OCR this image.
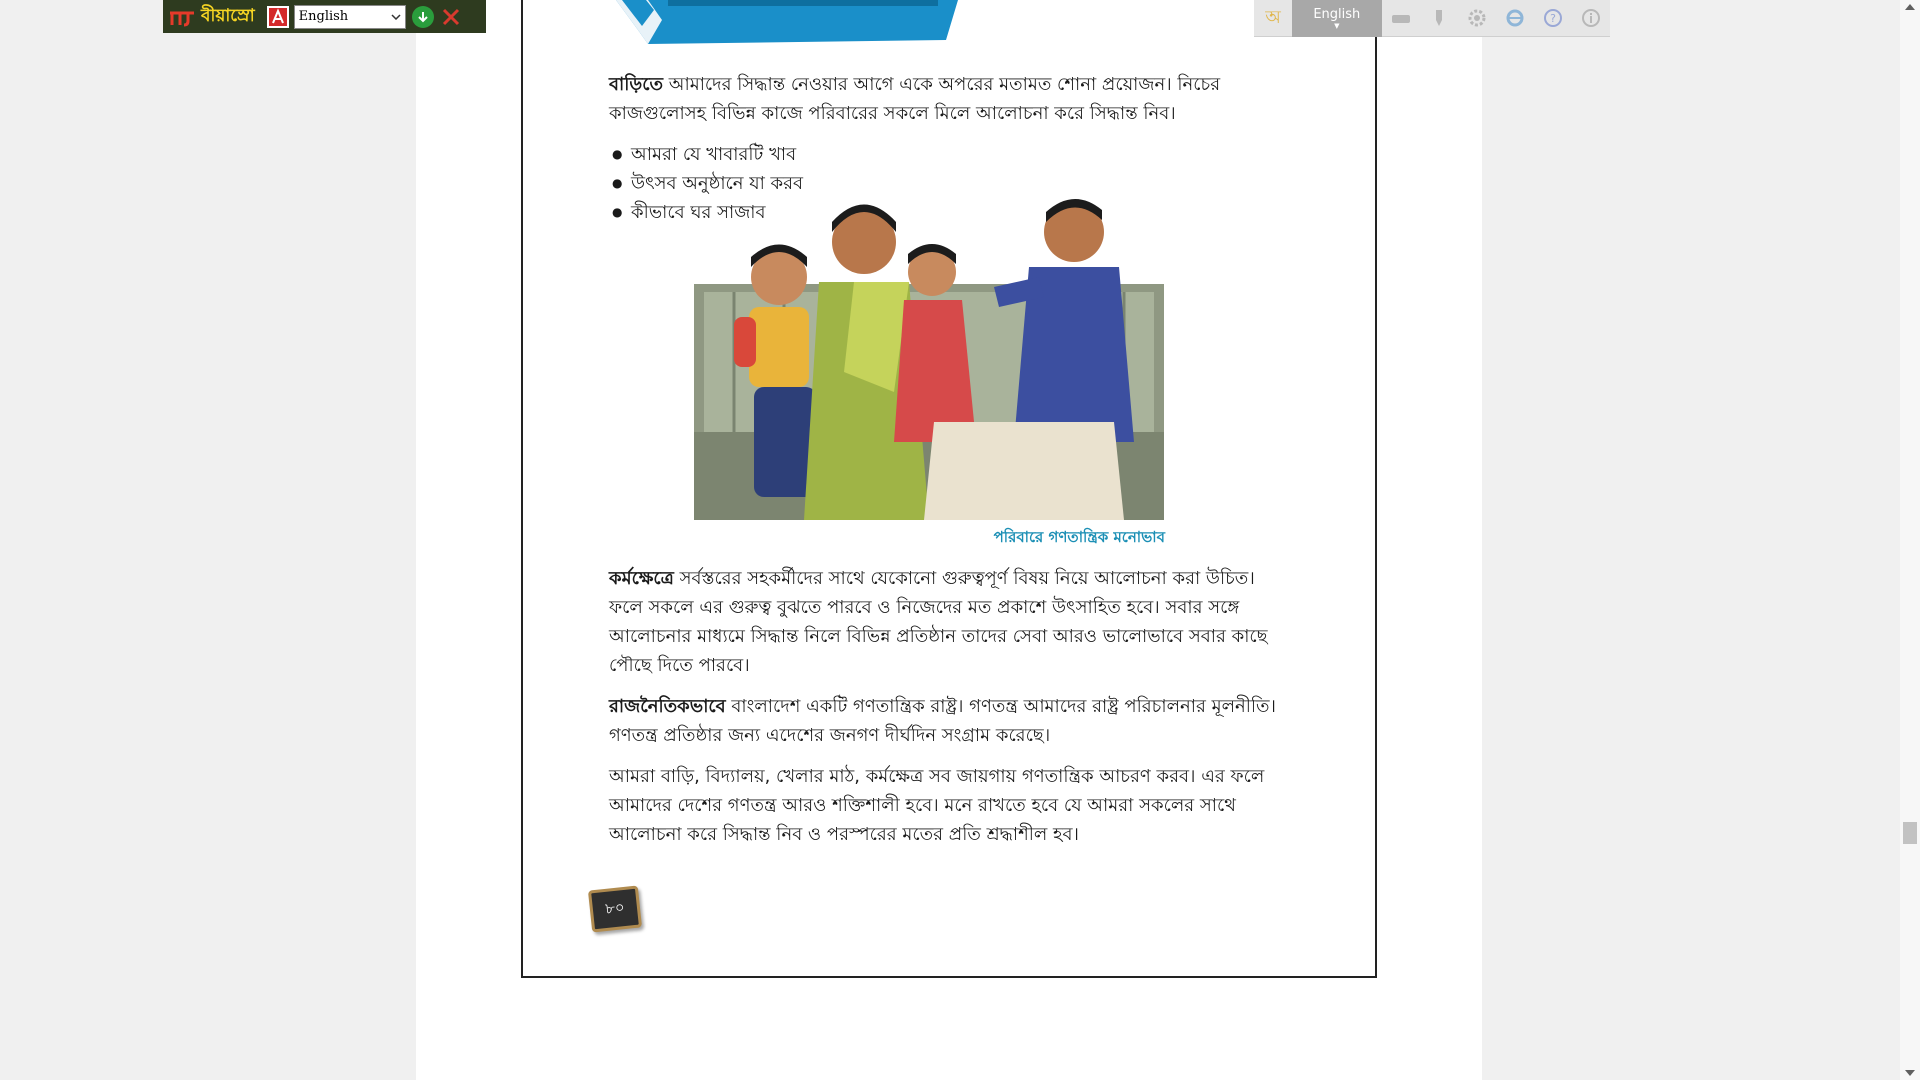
বাড়িতে আমাদের সিদ্ধান্ত নেওয়ার আগে একে অপরের মতামত শোনা প্রয়োজন। নিচের কাজগুলোসহ বিভিন্ন কাজে পরিবারের সকলে মিলে আলোচনা করে সিদ্ধান্ত নিব।

● আমরা যে খাবারটি খাব
● উৎসব অনুষ্ঠানে যা করব
● কীভাবে ঘর সাজাব
পরিবারে গণতান্ত্রিক মনোভাব

কর্মক্ষেত্রে সর্বস্তরের সহকর্মীদের সাথে যেকোনো গুরুত্বপূর্ণ বিষয় নিয়ে আলোচনা করা উচিত। ফলে সকলে এর গুরুত্ব বুঝতে পারবে ও নিজেদের মত প্রকাশে উৎসাহিত হবে। সবার সঙ্গে আলোচনার মাধ্যমে সিদ্ধান্ত নিলে বিভিন্ন প্রতিষ্ঠান তাদের সেবা আরও ভালোভাবে সবার কাছে পৌছে দিতে পারবে।

রাজনৈতিকভাবে বাংলাদেশ একটি গণতান্ত্রিক রাষ্ট্র। গণতন্ত্র আমাদের রাষ্ট্র পরিচালনার মূলনীতি। গণতন্ত্র প্রতিষ্ঠার জন্য এদেশের জনগণ দীর্ঘদিন সংগ্রাম করেছে।

আমরা বাড়ি, বিদ্যালয়, খেলার মাঠ, কর্মক্ষেত্র সব জায়গায় গণতান্ত্রিক আচরণ করব। এর ফলে আমাদের দেশের গণতন্ত্র আরও শক্তিশালী হবে। মনে রাখতে হবে যে আমরা সকলের সাথে আলোচনা করে সিদ্ধান্ত নিব ও পরস্পরের মতের প্রতি শ্রদ্ধাশীল হব।

৮০
বীয়াস্রো	English	অ	English
▼
?
